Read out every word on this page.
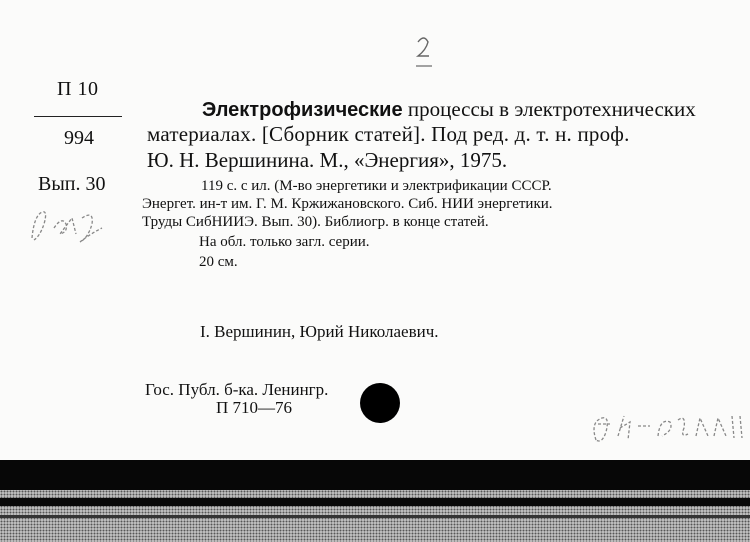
П 10
994
Вып. 30
Электрофизические процессы в электротехнических
материалах. [Сборник статей]. Под ред. д. т. н. проф.
Ю. Н. Вершинина. М., «Энергия», 1975.
119 с. с ил. (М-во энергетики и электрификации СССР.
Энергет. ин-т им. Г. М. Кржижановского. Сиб. НИИ энергетики.
Труды СибНИИЭ. Вып. 30). Библиогр. в конце статей.
На обл. только загл. серии.
20 см.
I. Вершинин, Юрий Николаевич.
Гос. Публ. б-ка. Ленингр.
П 710—76
